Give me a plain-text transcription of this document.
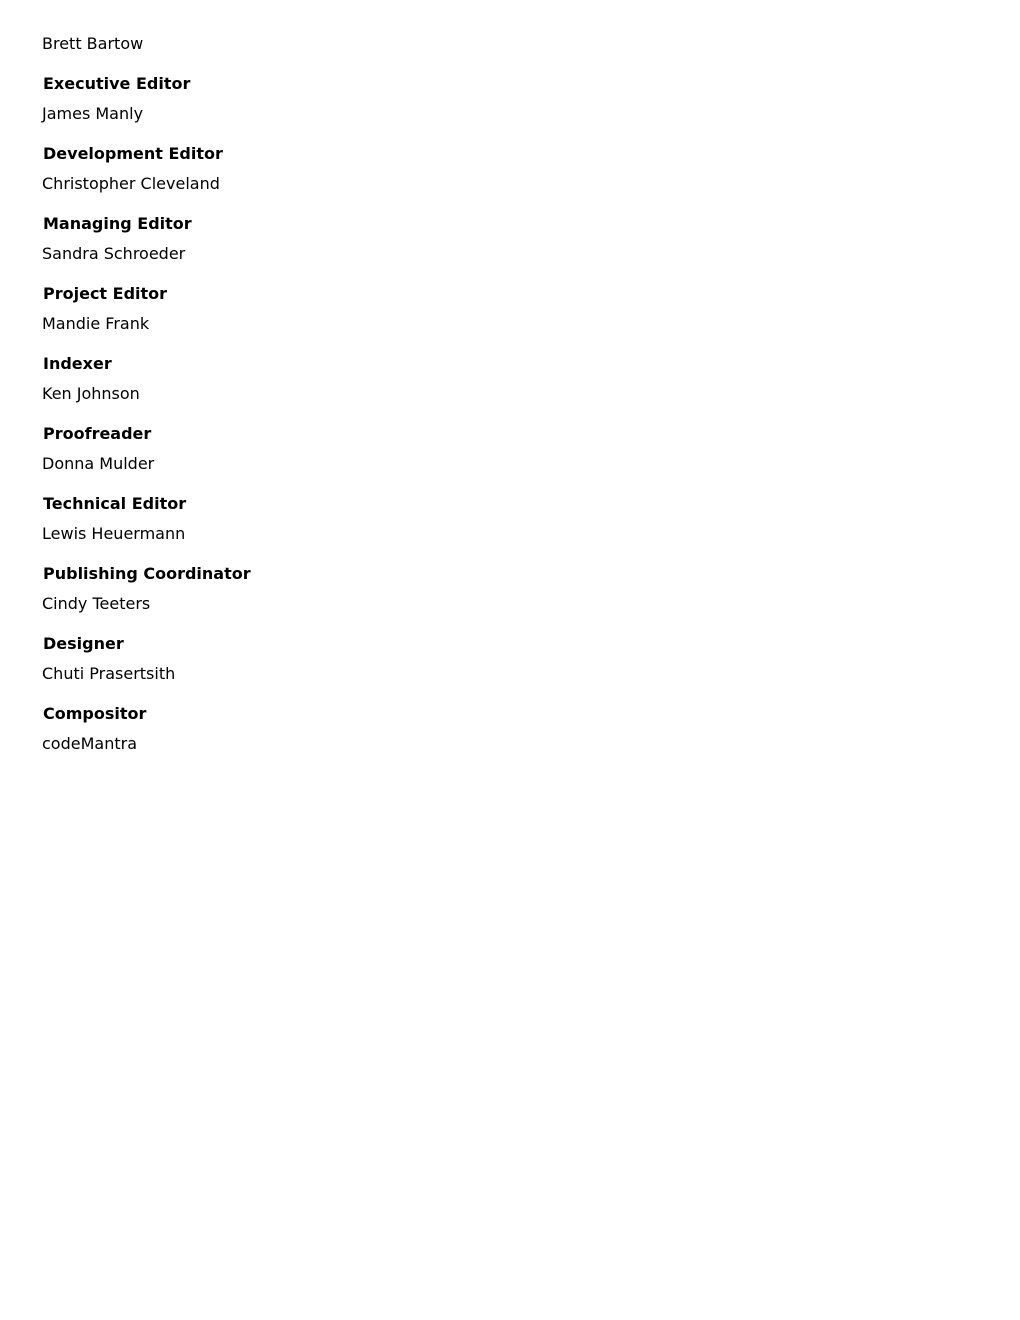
Brett Bartow
Executive Editor
James Manly
Development Editor
Christopher Cleveland
Managing Editor
Sandra Schroeder
Project Editor
Mandie Frank
Indexer
Ken Johnson
Proofreader
Donna Mulder
Technical Editor
Lewis Heuermann
Publishing Coordinator
Cindy Teeters
Designer
Chuti Prasertsith
Compositor
codeMantra
